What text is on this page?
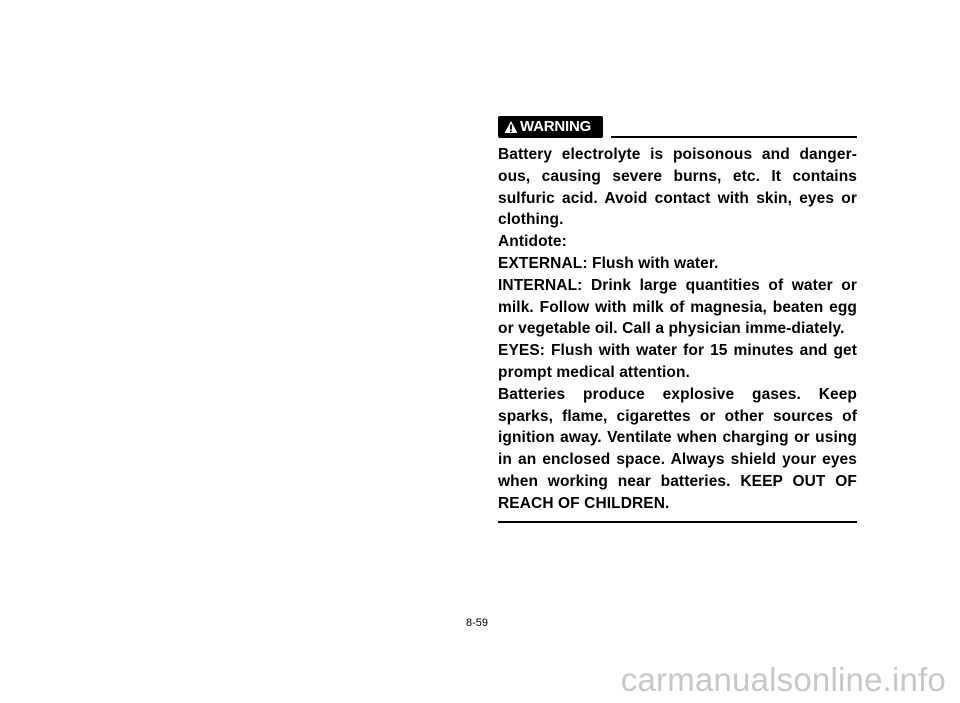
WARNING

Battery electrolyte is poisonous and danger-ous, causing severe burns, etc. It contains sulfuric acid. Avoid contact with skin, eyes or clothing.

Antidote:

EXTERNAL: Flush with water.

INTERNAL: Drink large quantities of water or milk. Follow with milk of magnesia, beaten egg or vegetable oil. Call a physician imme-diately.

EYES: Flush with water for 15 minutes and get prompt medical attention.

Batteries produce explosive gases. Keep sparks, flame, cigarettes or other sources of ignition away. Ventilate when charging or using in an enclosed space. Always shield your eyes when working near batteries. KEEP OUT OF REACH OF CHILDREN.

8-59
carmanualsonline.info
